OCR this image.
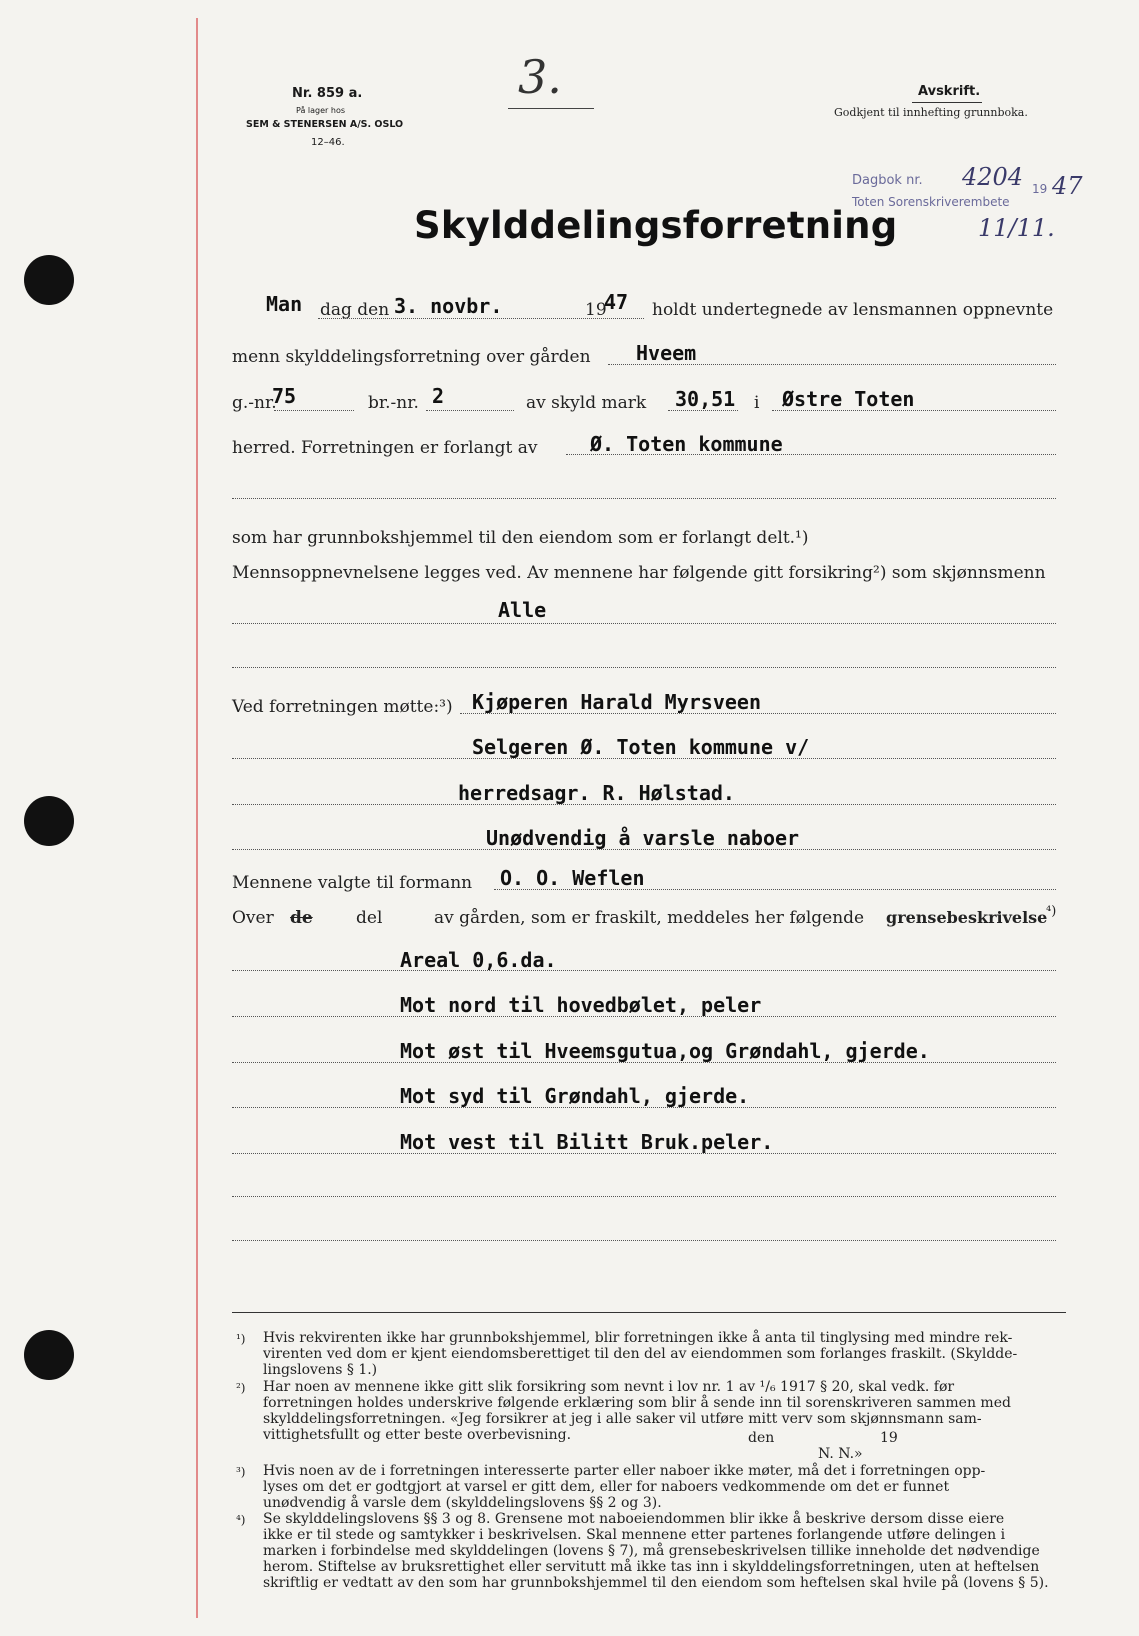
Nr. 859 a.
På lager hos
SEM & STENERSEN A/S. OSLO
12–46.
3.	Avskrift.
Godkjent til innhefting grunnboka.
Dagbok nr. 4204 19 47
Toten Sorenskriverembete
11/11.
Skylddelingsforretning
Man dag den 3. novbr.	19
47 holdt undertegnede av lensmannen oppnevnte
menn skylddelingsforretning over gården Hveem
g.-nr.
75	br.-nr. 2	av skyld mark 30,51 i Østre Toten
herred. Forretningen er forlangt av	Ø. Toten kommune
som har grunnbokshjemmel til den eiendom som er forlangt delt.¹)
Mennsoppnevnelsene legges ved. Av mennene har følgende gitt forsikring²) som skjønnsmenn
Alle
Ved forretningen møtte:³) Kjøperen Harald Myrsveen
Selgeren Ø. Toten kommune v/
herredsagr. R. Hølstad.
Unødvendig å varsle naboer
Mennene valgte til formann O. O. Weflen
Over de	del	av gården, som er fraskilt, meddeles her følgende grensebeskrivelse
⁴)
Areal 0,6.da.
Mot nord til hovedbølet, peler
Mot øst til Hveemsgutua,og Grøndahl, gjerde.
Mot syd til Grøndahl, gjerde.
Mot vest til Bilitt Bruk.peler.
¹) Hvis rekvirenten ikke har grunnbokshjemmel, blir forretningen ikke å anta til tinglysing med mindre rek-
virenten ved dom er kjent eiendomsberettiget til den del av eiendommen som forlanges fraskilt. (Skyldde-
lingslovens § 1.)
²) Har noen av mennene ikke gitt slik forsikring som nevnt i lov nr. 1 av ¹/₆ 1917 § 20, skal vedk. før
forretningen holdes underskrive følgende erklæring som blir å sende inn til sorenskriveren sammen med
skylddelingsforretningen. «Jeg forsikrer at jeg i alle saker vil utføre mitt verv som skjønnsmann sam-
vittighetsfullt og etter beste overbevisning.	den	19
N. N.»
³) Hvis noen av de i forretningen interesserte parter eller naboer ikke møter, må det i forretningen opp-
lyses om det er godtgjort at varsel er gitt dem, eller for naboers vedkommende om det er funnet
unødvendig å varsle dem (skylddelingslovens §§ 2 og 3).
⁴) Se skylddelingslovens §§ 3 og 8. Grensene mot naboeiendommen blir ikke å beskrive dersom disse eiere
ikke er til stede og samtykker i beskrivelsen. Skal mennene etter partenes forlangende utføre delingen i
marken i forbindelse med skylddelingen (lovens § 7), må grensebeskrivelsen tillike inneholde det nødvendige
herom. Stiftelse av bruksrettighet eller servitutt må ikke tas inn i skylddelingsforretningen, uten at heftelsen
skriftlig er vedtatt av den som har grunnbokshjemmel til den eiendom som heftelsen skal hvile på (lovens § 5).
